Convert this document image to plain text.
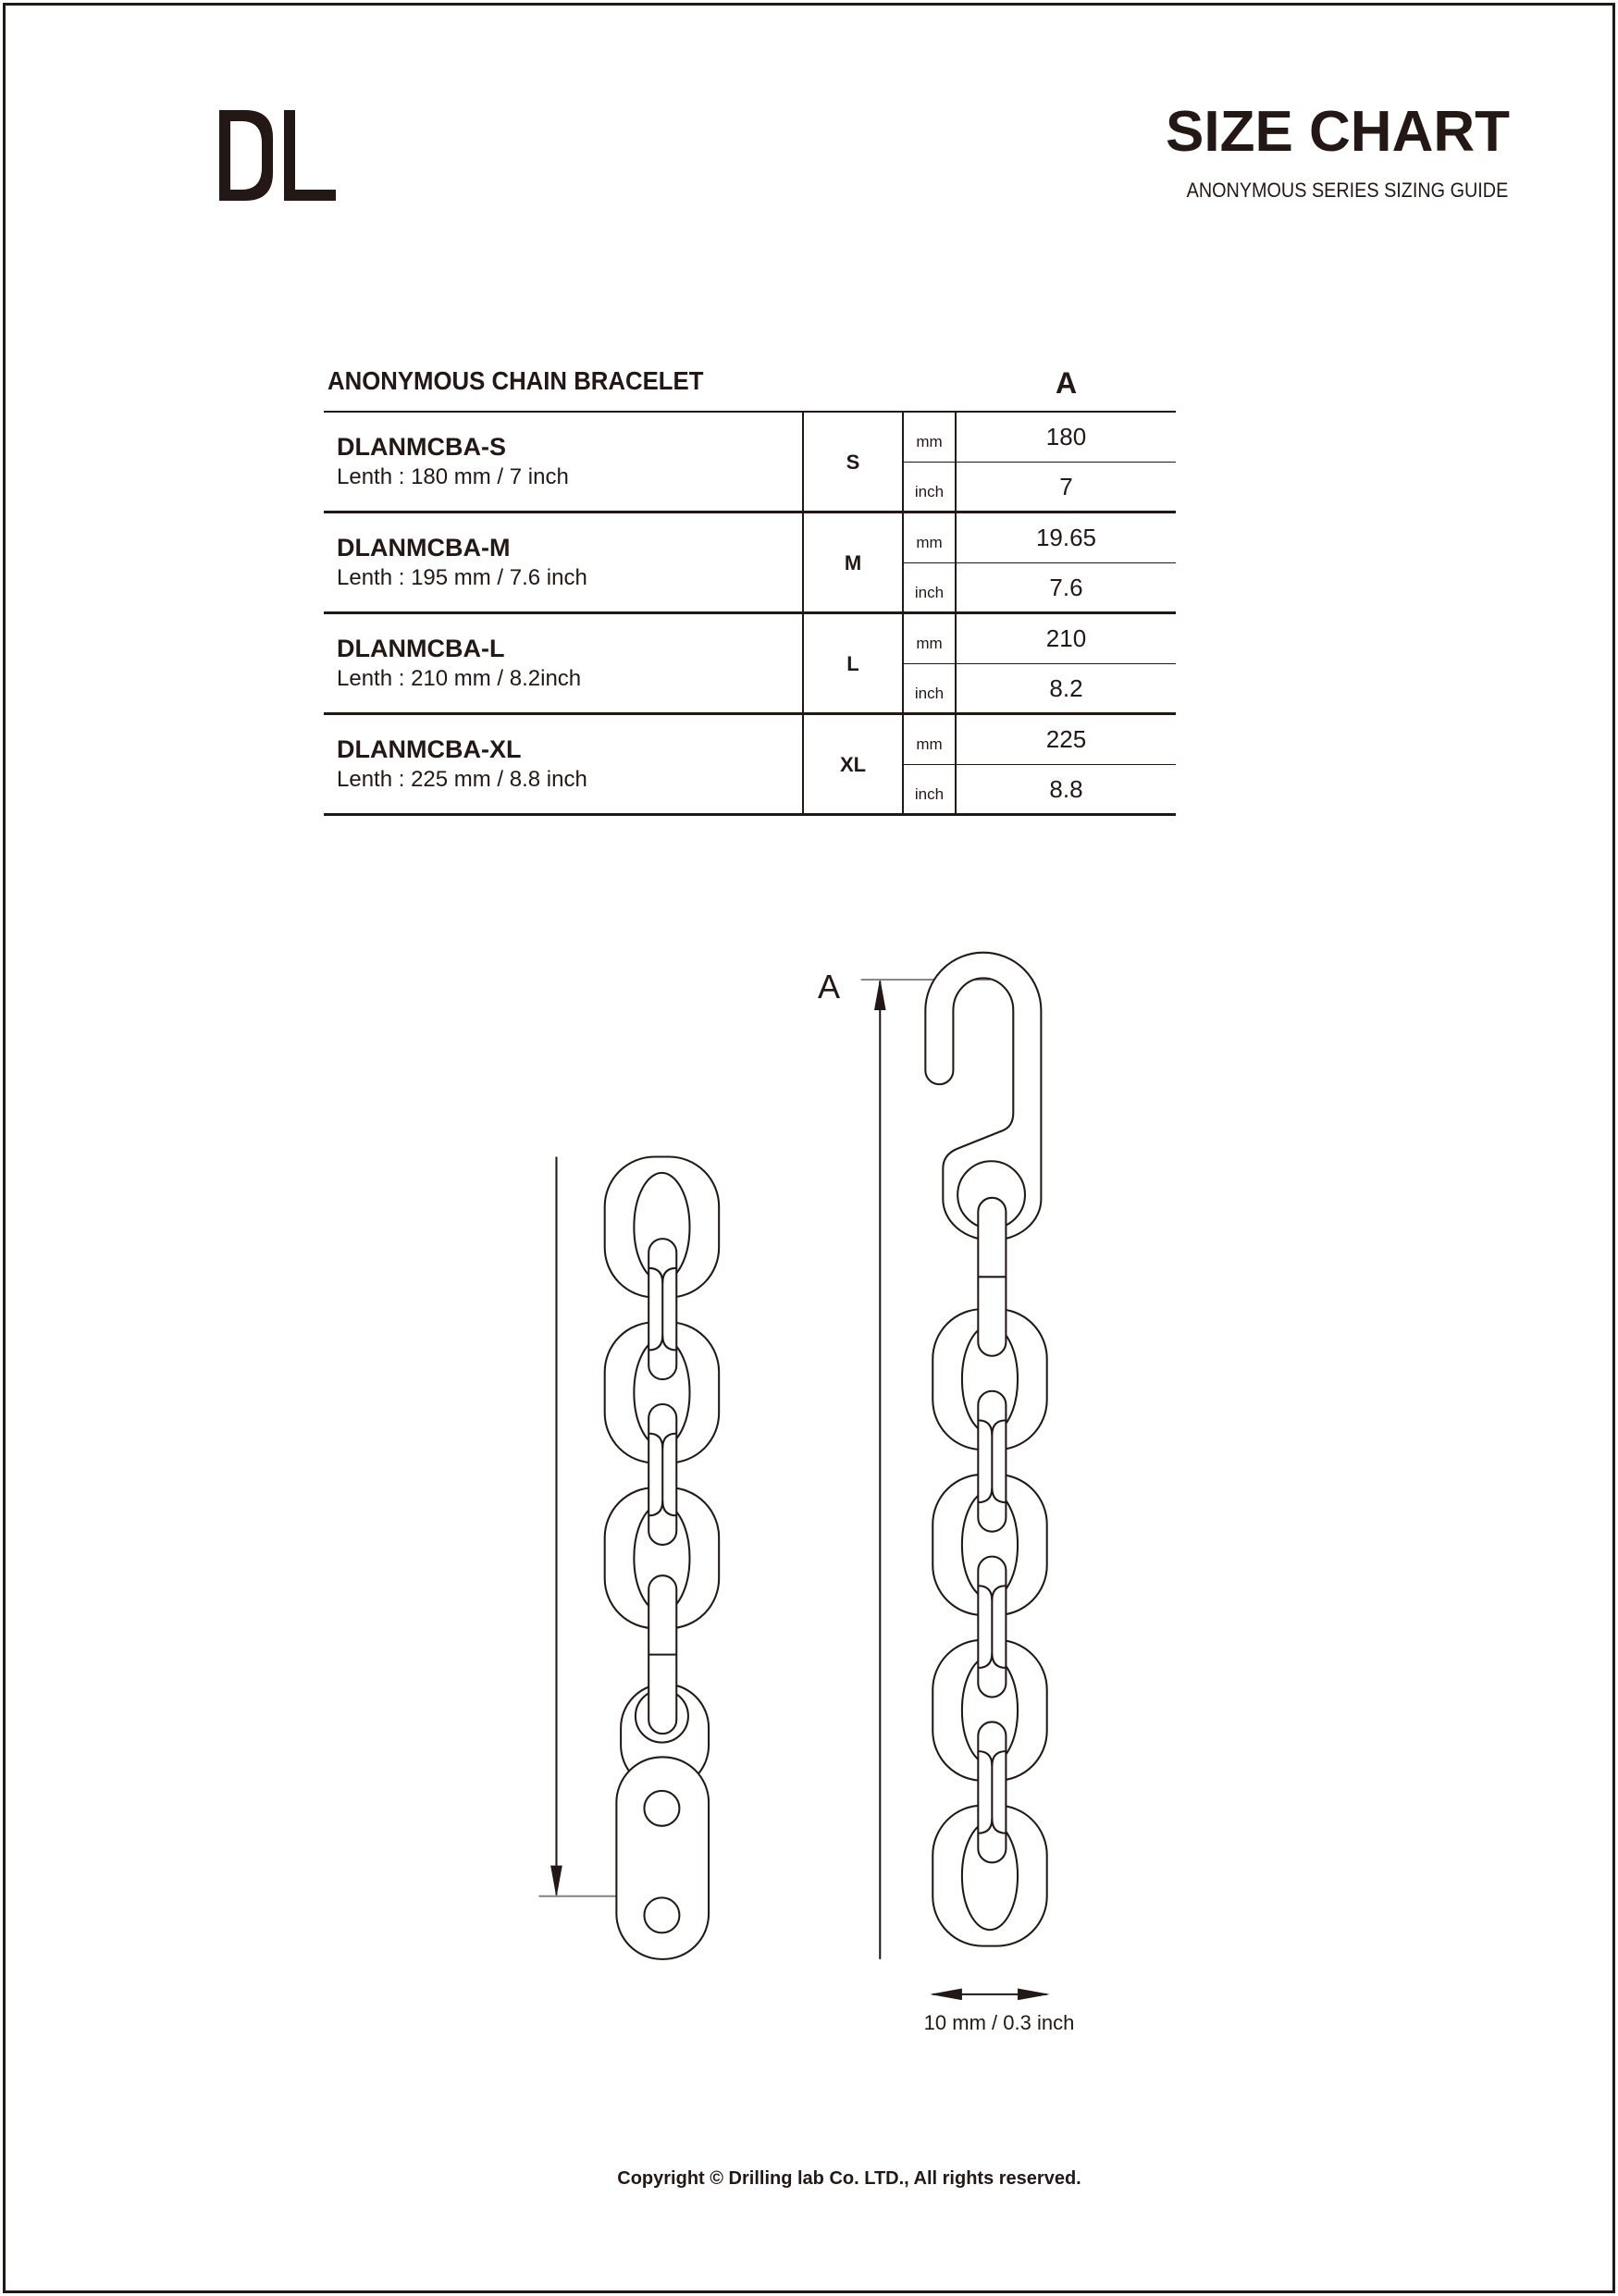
SIZE CHART
ANONYMOUS SERIES SIZING GUIDE
ANONYMOUS CHAIN BRACELET	A
DLANMCBA-S
Lenth : 180 mm / 7 inch
S
mm
inch
180
7
DLANMCBA-M
Lenth : 195 mm / 7.6 inch
M
mm
inch
19.65
7.6
DLANMCBA-L
Lenth : 210 mm / 8.2inch
L
mm
inch
210
8.2
DLANMCBA-XL
Lenth : 225 mm / 8.8 inch
XL
mm
inch
225
8.8
A
10 mm / 0.3 inch
Copyright © Drilling lab Co. LTD., All rights reserved.
